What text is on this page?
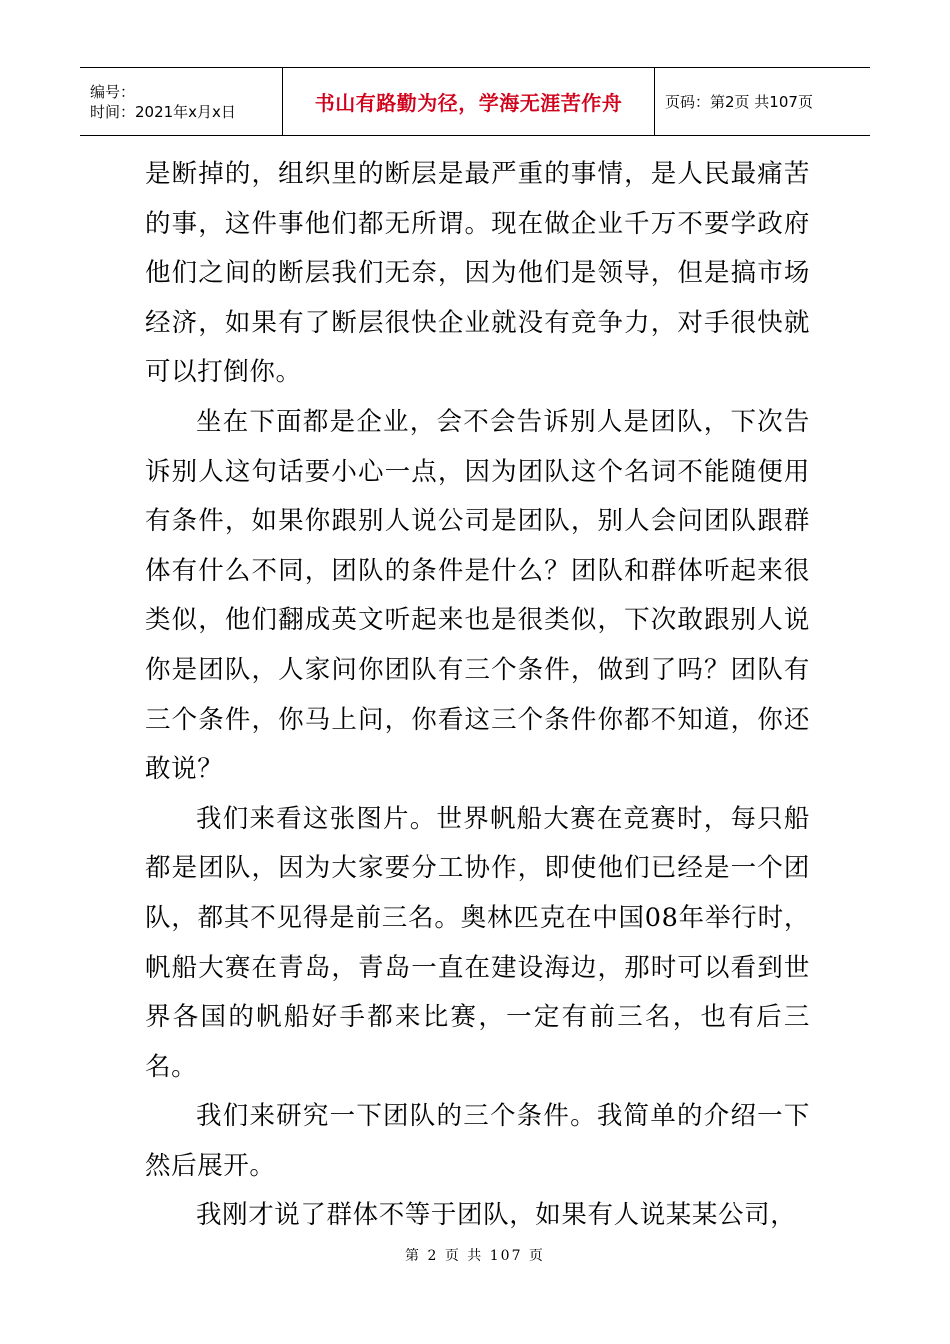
编号：
时间：2021年x月x日	书山有路勤为径，学海无涯苦作舟	页码：第2页 共107页

是断掉的，组织里的断层是最严重的事情，是人民最痛苦的事，这件事他们都无所谓。现在做企业千万不要学政府他们之间的断层我们无奈，因为他们是领导，但是搞市场经济，如果有了断层很快企业就没有竞争力，对手很快就可以打倒你。

坐在下面都是企业，会不会告诉别人是团队，下次告诉别人这句话要小心一点，因为团队这个名词不能随便用有条件，如果你跟别人说公司是团队，别人会问团队跟群体有什么不同，团队的条件是什么？团队和群体听起来很类似，他们翻成英文听起来也是很类似，下次敢跟别人说你是团队，人家问你团队有三个条件，做到了吗？团队有三个条件，你马上问，你看这三个条件你都不知道，你还敢说？

我们来看这张图片。世界帆船大赛在竞赛时，每只船都是团队，因为大家要分工协作，即使他们已经是一个团队，都其不见得是前三名。奥林匹克在中国08年举行时，帆船大赛在青岛，青岛一直在建设海边，那时可以看到世界各国的帆船好手都来比赛，一定有前三名，也有后三名。

我们来研究一下团队的三个条件。我简单的介绍一下然后展开。

我刚才说了群体不等于团队，如果有人说某某公司，

第 2 页 共 107 页
